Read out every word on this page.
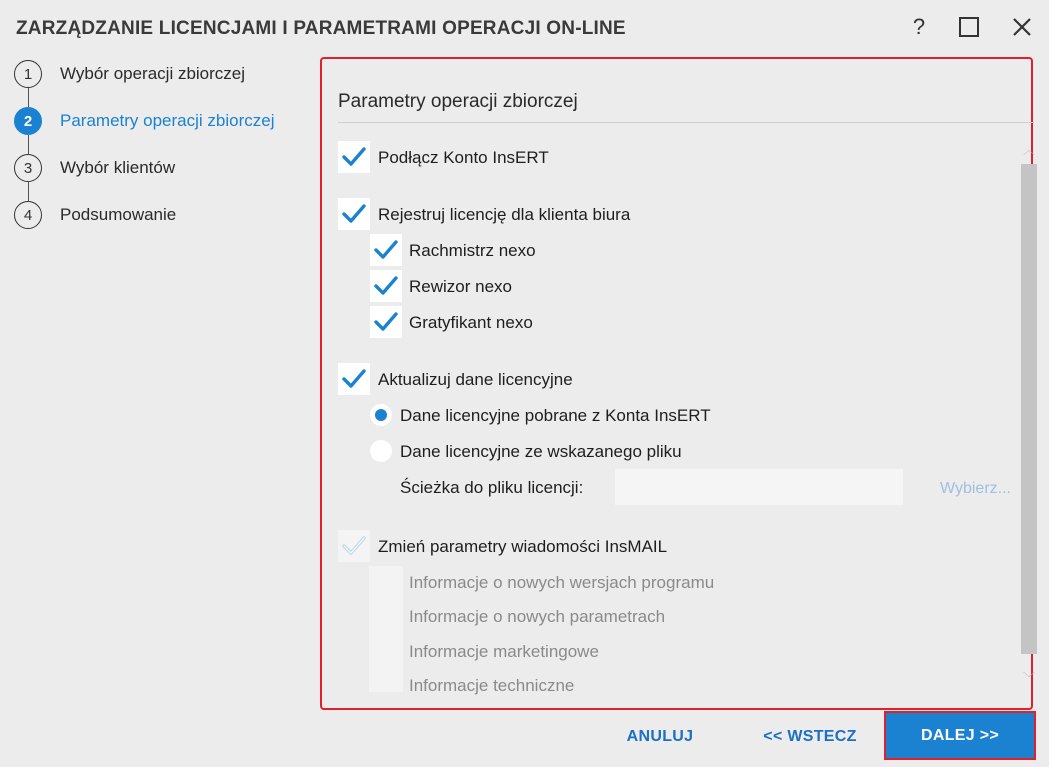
ZARZĄDZANIE LICENCJAMI I PARAMETRAMI OPERACJI ON-LINE	?
1	Wybór operacji zbiorczej
2	Parametry operacji zbiorczej
3	Wybór klientów
4	Podsumowanie
Parametry operacji zbiorczej
Podłącz Konto InsERT
Rejestruj licencję dla klienta biura
Rachmistrz nexo
Rewizor nexo
Gratyfikant nexo
Aktualizuj dane licencyjne
Dane licencyjne pobrane z Konta InsERT
Dane licencyjne ze wskazanego pliku
Ścieżka do pliku licencji:	Wybierz...
Zmień parametry wiadomości InsMAIL
Informacje o nowych wersjach programu
Informacje o nowych parametrach
Informacje marketingowe
Informacje techniczne
︿
﹀
ANULUJ	<< WSTECZ	DALEJ >>
